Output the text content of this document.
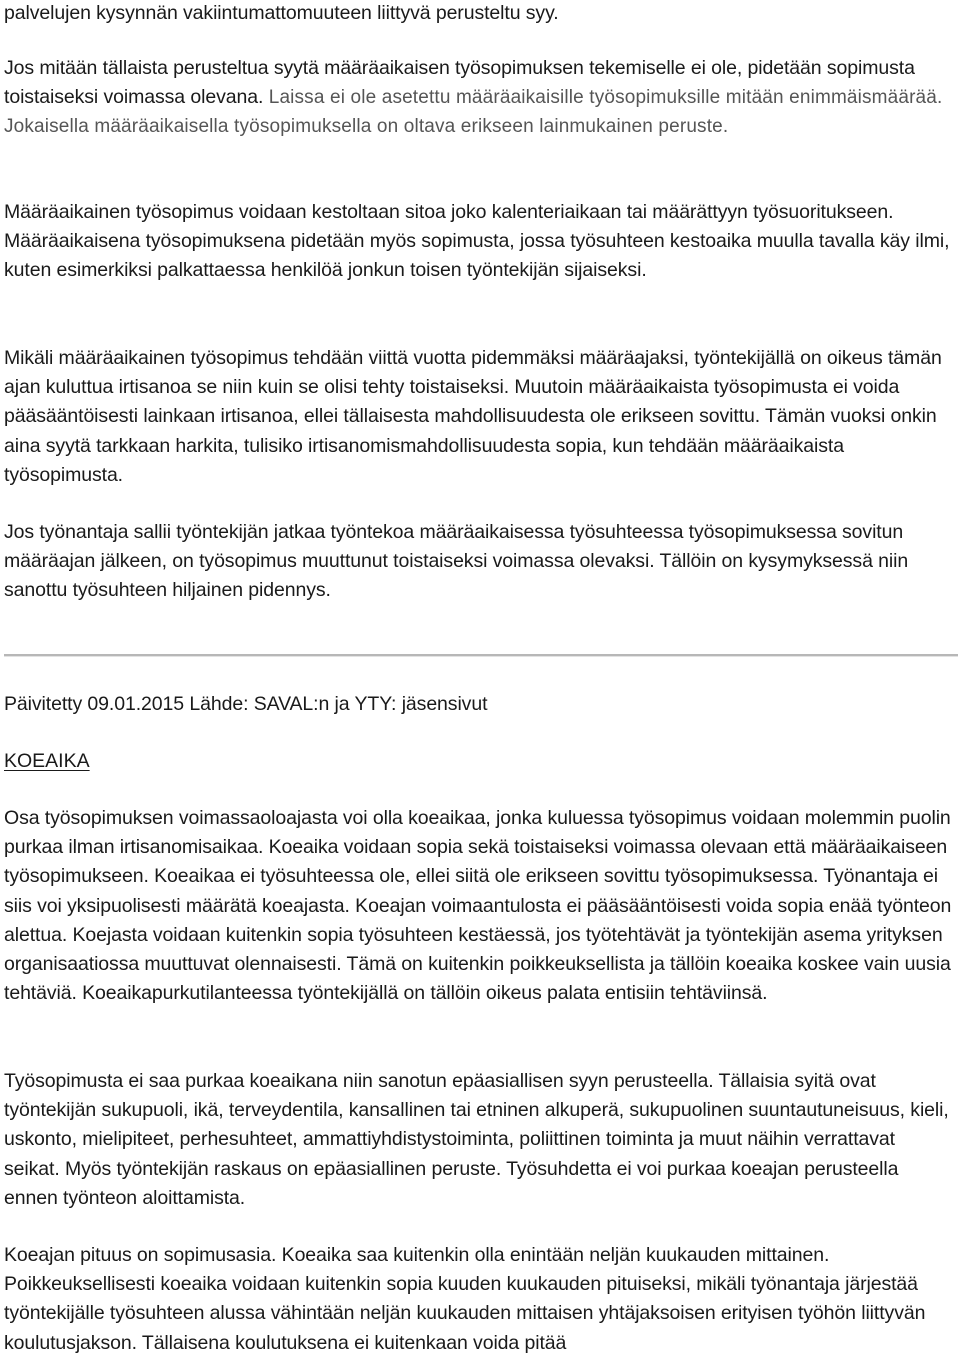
palvelujen kysynnän vakiintumattomuuteen liittyvä perusteltu syy.

Jos mitään tällaista perusteltua syytä määräaikaisen työsopimuksen tekemiselle ei ole, pidetään sopimusta toistaiseksi voimassa olevana. Laissa ei ole asetettu määräaikaisille työsopimuksille mitään enimmäismäärää. Jokaisella määräaikaisella työsopimuksella on oltava erikseen lainmukainen peruste.

Määräaikainen työsopimus voidaan kestoltaan sitoa joko kalenteriaikaan tai määrättyyn työsuoritukseen. Määräaikaisena työsopimuksena pidetään myös sopimusta, jossa työsuhteen kestoaika muulla tavalla käy ilmi, kuten esimerkiksi palkattaessa henkilöä jonkun toisen työntekijän sijaiseksi.

Mikäli määräaikainen työsopimus tehdään viittä vuotta pidemmäksi määräajaksi, työntekijällä on oikeus tämän ajan kuluttua irtisanoa se niin kuin se olisi tehty toistaiseksi. Muutoin määräaikaista työsopimusta ei voida pääsääntöisesti lainkaan irtisanoa, ellei tällaisesta mahdollisuudesta ole erikseen sovittu. Tämän vuoksi onkin aina syytä tarkkaan harkita, tulisiko irtisanomismahdollisuudesta sopia, kun tehdään määräaikaista työsopimusta.

Jos työnantaja sallii työntekijän jatkaa työntekoa määräaikaisessa työsuhteessa työsopimuksessa sovitun määräajan jälkeen, on työsopimus muuttunut toistaiseksi voimassa olevaksi. Tällöin on kysymyksessä niin sanottu työsuhteen hiljainen pidennys.

Päivitetty 09.01.2015 Lähde: SAVAL:n ja YTY: jäsensivut

KOEAIKA

Osa työsopimuksen voimassaoloajasta voi olla koeaikaa, jonka kuluessa työsopimus voidaan molemmin puolin purkaa ilman irtisanomisaikaa. Koeaika voidaan sopia sekä toistaiseksi voimassa olevaan että määräaikaiseen työsopimukseen. Koeaikaa ei työsuhteessa ole, ellei siitä ole erikseen sovittu työsopimuksessa. Työnantaja ei siis voi yksipuolisesti määrätä koeajasta. Koeajan voimaantulosta ei pääsääntöisesti voida sopia enää työnteon alettua. Koejasta voidaan kuitenkin sopia työsuhteen kestäessä, jos työtehtävät ja työntekijän asema yrityksen organisaatiossa muuttuvat olennaisesti. Tämä on kuitenkin poikkeuksellista ja tällöin koeaika koskee vain uusia tehtäviä. Koeaikapurkutilanteessa työntekijällä on tällöin oikeus palata entisiin tehtäviinsä.

Työsopimusta ei saa purkaa koeaikana niin sanotun epäasiallisen syyn perusteella. Tällaisia syitä ovat työntekijän sukupuoli, ikä, terveydentila, kansallinen tai etninen alkuperä, sukupuolinen suuntautuneisuus, kieli, uskonto, mielipiteet, perhesuhteet, ammattiyhdistystoiminta, poliittinen toiminta ja muut näihin verrattavat seikat. Myös työntekijän raskaus on epäasiallinen peruste. Työsuhdetta ei voi purkaa koeajan perusteella ennen työnteon aloittamista.

Koeajan pituus on sopimusasia. Koeaika saa kuitenkin olla enintään neljän kuukauden mittainen. Poikkeuksellisesti koeaika voidaan kuitenkin sopia kuuden kuukauden pituiseksi, mikäli työnantaja järjestää työntekijälle työsuhteen alussa vähintään neljän kuukauden mittaisen yhtäjaksoisen erityisen työhön liittyvän koulutusjakson. Tällaisena koulutuksena ei kuitenkaan voida pitää
